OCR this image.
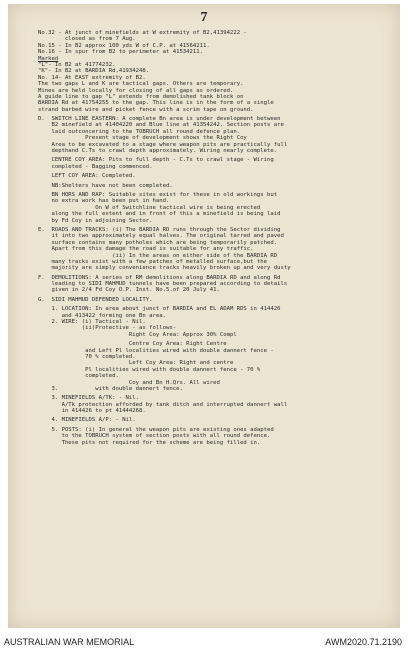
7
No.32 - At junct of minefields at W extremity of B2,41394222 -
closed as from 7 Aug.
No.15 - In B2 approx 100 yds W of C.P. at 41564211.
No.16 - In spur from B2 to perimeter at 41534211.
Marked
"L"- In B2 at 41774232.
"K"- In B2 at BARDIA Rd,41934248.
No. 14- At EAST extremity of B2.
The two gaps L and K are tactical gaps. Others are temporary.
Mines are held locally for closing of all gaps as ordered.
A guide line to gap "L" extends from demolished tank block on
BARDIA Rd at 41754255 to the gap. This line is in the form of a single
strand barbed wire and picket fence with a scrim tape on ground.
D.  SWITCH LINE EASTERN: A complete Bn area is under development between
B2 minefield at 41404220 and Blue line at 41354242. Section posts are
laid outconcering to the TOBRUCH all round defence plan.
Present stage of development shows the Right Coy
Area to be excavated to a stage where weapon pits are practically full
depthand C.Ts to crawl depth approximately. Wiring nearly complete.
CENTRE COY AREA: Pits to full depth - C.Ts to crawl stage - Wiring
completed - Bagging commenced.
LEFT COY AREA: Completed.
NB:Shelters have not been completed.
BN HQRS AND RAP: Suitable sites exist for these in old workings but
no extra work has been put in hand.
On W of Switchline tactical wire is being erected
along the full extent and in front of this a minefield is being laid
by Fd Coy in adjoining Sector.
E.  ROADS AND TRACKS: (i) The BARDIA RD runs through the Sector dividing
it into two approximately equal halves. The original tarred and paved
surface contains many potholes which are being temporarily patched.
Apart from this damage the road is suitable for any traffic.
(ii) In the areas on either side of the BARDIA RD
many tracks exist with a few patches of metalled surface,but the
majority are simply convenience tracks heavily broken up and very dusty
F.  DEMOLITIONS: A series of RM demolitions along BARDIA RD and along Rd
leading to SIDI MAHMUD tunnels have been prepared according to details
given in 2/4 Fd Coy O.P. Inst. No.5.of 20 July 41.
G.  SIDI MAHMUD DEFENDED LOCALITY.
1. LOCATION: In area about junct of BARDIA and EL ADAM RDS in 414426
and 413422 forming one Bn area.
2. WIRE: (i) Tactical - Nil.
(ii)Protective - as follows-
Right Coy Area: Approx 30% Compl
Centre Coy Area: Right Centre
and Left Pl localities wired with double dannert fence -
70 % completed.
Left Coy Area: Right and centre
Pl localities wired with double dannert fence - 70 %
completed.
Coy and Bn H.Qrs. All wired
3.           with double dannert fence.
3. MINEFIELDS A/TK: - Nil.
A/Tk protection afforded by tank ditch and interrupted dannert wall
in 414426 to pt 41444268.
4. MINEFIELDS A/P: - Nil.
5. POSTS: (i) In general the weapon pits are existing ones adapted
to the TOBRUCH system of section posts with all round defence.
These pits not required for the scheme are being filled in.
AUSTRALIAN WAR MEMORIAL	AWM2020.71.2190
